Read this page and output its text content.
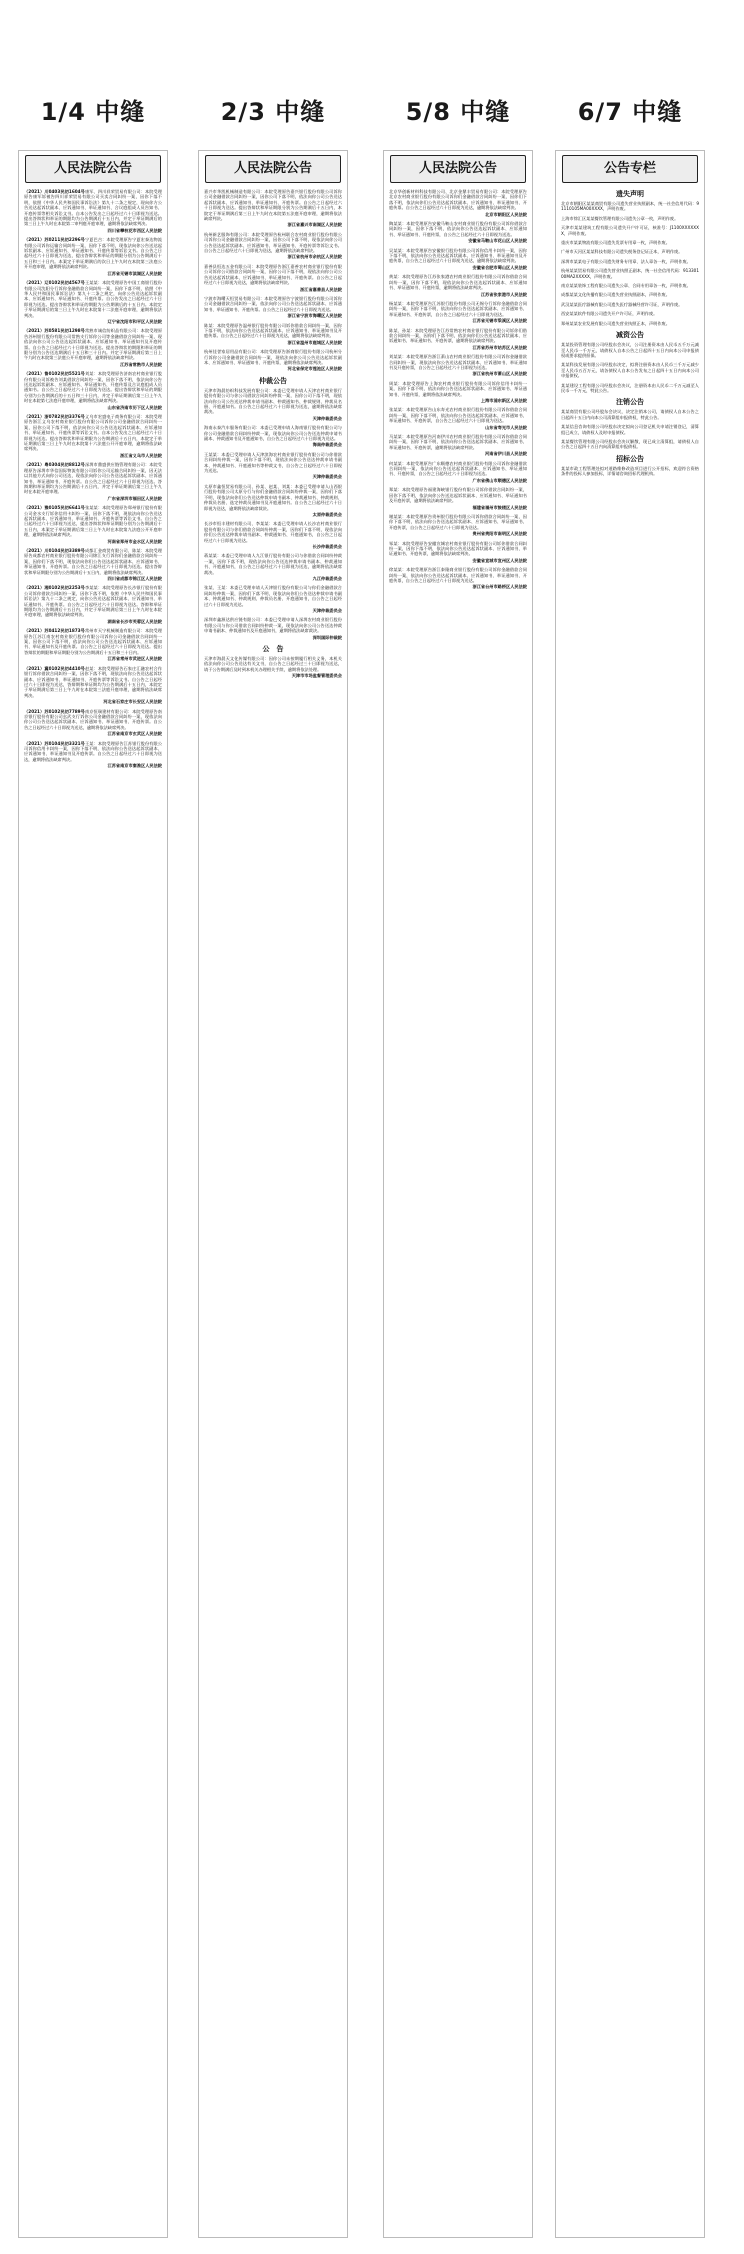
1/4 中缝	2/3 中缝	5/8 中缝	6/7 中缝
人民法院公告
（2021）川0403民初1604号康军、四川祥荣贸易有限公司：本院受理原告康军诉被告四川祥荣贸易有限公司买卖合同纠纷一案，因你下落不明，依照《中华人民共和国民事诉讼法》第九十二条之规定，现向你方公告送达起诉状副本、应诉通知书、举证通知书、合议庭组成人员告知书、开庭传票等相关诉讼文书。自本公告发出之日起经过六十日即视为送达。提出答辩状和举证的期限均为公告期满后十五日内，并定于举证期满后的第三日上午九时在本院第二审判庭开庭审理，逾期将依法缺席判决。
四川省攀枝花市西区人民法院
（2021）苏0211民初2296号宁夏巴吉：本院受理原告宁夏宏泰达物流有限公司诉你运输合同纠纷一案，因你下落不明，现依法向你公告送达起诉状副本、应诉通知书、举证通知书、开庭传票等诉讼文书。自公告之日起经过六十日即视为送达，提出答辩状和举证的期限分别为公告期满后十五日和三十日内。本案定于举证期满后的次日上午九时在本院第三法庭公开开庭审理，逾期将依法缺席判决。
江苏省无锡市滨湖区人民法院
（2021）辽0102民初4567号王某某：本院受理原告中国工商银行股份有限公司沈阳分行诉你金融借款合同纠纷一案，因你下落不明，依照《中华人民共和国民事诉讼法》第九十二条之规定，向你公告送达起诉状副本、应诉通知书、举证通知书、开庭传票。自公告发出之日起经过六十日即视为送达。提出答辩状和举证的期限为公告期满后的十五日内。本院定于举证期满后的第三日上午九时在本院第十二法庭开庭审理，逾期将依法判决。
辽宁省沈阳市和平区人民法院
（2021）苏0581民初1298号常熟市诚信纺织品有限公司：本院受理原告苏州银行股份有限公司常熟支行诉你公司等金融借款合同纠纷一案，现依法向你公司公告送达起诉状副本、应诉通知书、举证通知书及开庭传票。自公告之日起经过六十日即视为送达。提出答辩状的期限和举证的期限分别为公告送达期满后十五日和三十日内。并定于举证期满后第三日上午九时在本院第三法庭公开开庭审理，逾期将依法缺席判决。
江苏省常熟市人民法院
（2021）鲁0102民初5521号刘某：本院受理原告济南农村商业银行股份有限公司诉被告刘某借款合同纠纷一案，因你下落不明，依法向你公告送达起诉状副本、应诉通知书、举证通知书、开庭传票及合议庭组成人员通知书。自公告之日起经过六十日即视为送达。提出答辩状和举证的期限分别为公告期满后的十五日和三十日内，并定于举证期满后第三日上午九时在本院第七法庭开庭审理，逾期将依法缺席判决。
山东省济南市历下区人民法院
（2021）浙0782民初3376号义乌市宏盛电子商务有限公司：本院受理原告浙江义乌农村商业银行股份有限公司诉你公司金融借款合同纠纷一案，因你公司下落不明，依法向你公司公告送达起诉状副本、应诉通知书、举证通知书、开庭传票等诉讼文书。自本公告发出之日起经过六十日即视为送达。提出答辩状和举证期限为公告期满后十五日内，本院定于举证期满后第三日上午九时在本院第十六法庭公开开庭审理，逾期将依法缺席判决。
浙江省义乌市人民法院
（2021）粤0304民初8812号深圳市鼎盛供应链管理有限公司：本院受理原告深圳市华信国际物流有限公司诉你公司运输合同纠纷一案，因无法以其他方式向你公司送达，现依法向你公司公告送达起诉状副本、应诉通知书、举证通知书、开庭传票。自公告之日起经过六十日即视为送达。答辩期和举证期均为公告期满后十五日内，并定于举证期满后第三日上午九时在本院开庭审理。
广东省深圳市福田区人民法院
（2021）豫0105民初6641号张某某：本院受理原告郑州银行股份有限公司金水支行诉你信用卡纠纷一案，因你下落不明，现依法向你公告送达起诉状副本、应诉通知书、举证通知书、开庭传票等诉讼文书。自公告之日起经过六十日即视为送达，提出答辩状和举证期限分别为公告期满后十五日内，本案定于举证期满后第三日上午九时在本院第九法庭公开开庭审理，逾期将依法缺席判决。
河南省郑州市金水区人民法院
（2021）川0104民初3389号成都汇金商贸有限公司、陈某：本院受理原告成都农村商业银行股份有限公司锦江支行诉你们金融借款合同纠纷一案，因你们下落不明，现依法向你们公告送达起诉状副本、应诉通知书、举证通知书、开庭传票。自公告之日起经过六十日即视为送达。提出答辩状和举证期限分别为公告期满后十五日内，逾期将依法缺席判决。
四川省成都市锦江区人民法院
（2021）湘0102民初2253号李某某：本院受理原告长沙银行股份有限公司诉你借款合同纠纷一案，因你下落不明，依照《中华人民共和国民事诉讼法》第九十二条之规定，向你公告送达起诉状副本、应诉通知书、举证通知书、开庭传票。自公告之日起经过六十日即视为送达。答辩和举证期限均为公告期满后十五日内，并定于举证期满后第三日上午九时在本院开庭审理，逾期将依法缺席判决。
湖南省长沙市芙蓉区人民法院
（2021）苏0412民初1873号常州市天宁机械制造有限公司：本院受理原告江苏江南农村商业银行股份有限公司诉你公司金融借款合同纠纷一案，因你公司下落不明，依法向你公司公告送达起诉状副本、应诉通知书、举证通知书及开庭传票。自公告之日起经过六十日即视为送达。提出答辩状的期限和举证期限分别为公告期满后十五日和三十日内。
江苏省常州市武进区人民法院
（2021）冀0102民初4410号赵某：本院受理原告石家庄汇融农村合作银行诉你借款合同纠纷一案，因你下落不明，现依法向你公告送达起诉状副本、应诉通知书、举证通知书、开庭传票等诉讼文书。自公告之日起经过六十日即视为送达，答辩期和举证期均为公告期满后十五日内，本院定于举证期满后第三日上午九时在本院第三法庭开庭审理，逾期将依法缺席判决。
河北省石家庄市长安区人民法院
（2021）苏0102民初7789号南京恒瑞建材有限公司：本院受理原告南京银行股份有限公司玄武支行诉你公司金融借款合同纠纷一案，现依法向你公司公告送达起诉状副本、应诉通知书、举证通知书、开庭传票。自公告之日起经过六十日即视为送达，逾期将依法缺席判决。
江苏省南京市玄武区人民法院
（2021）苏0104民初3321号王某：本院受理原告江苏银行股份有限公司诉你信用卡纠纷一案，因你下落不明，依法向你公告送达起诉状副本、应诉通知书、举证通知书及开庭传票。自公告之日起经过六十日即视为送达，逾期将依法缺席判决。
江苏省南京市秦淮区人民法院
人民法院公告
嘉兴市华凯机械制造有限公司：本院受理原告嘉兴银行股份有限公司诉你公司金融借款合同纠纷一案，因你公司下落不明，依法向你公司公告送达起诉状副本、应诉通知书、举证通知书、开庭传票。自公告之日起经过六十日即视为送达。提出答辩状和举证期限分别为公告期满后十五日内，本院定于举证期满后第三日上午九时在本院第五法庭开庭审理，逾期将依法缺席判决。
浙江省嘉兴市南湖区人民法院
杭州新艺服饰有限公司：本院受理原告杭州联合农村商业银行股份有限公司诉你公司金融借款合同纠纷一案，因你公司下落不明，现依法向你公司公告送达起诉状副本、应诉通知书、举证通知书、开庭传票等诉讼文书。自公告之日起经过六十日即视为送达，逾期将依法缺席判决。
浙江省杭州市余杭区人民法院
嘉善县恒达五金有限公司：本院受理原告浙江嘉善农村商业银行股份有限公司诉你公司借款合同纠纷一案，因你公司下落不明，现依法向你公司公告送达起诉状副本、应诉通知书、举证通知书、开庭传票。自公告之日起经过六十日即视为送达，逾期将依法缺席判决。
浙江省嘉善县人民法院
宁波市海曙天恒贸易有限公司：本院受理原告宁波银行股份有限公司诉你公司金融借款合同纠纷一案，依法向你公司公告送达起诉状副本、应诉通知书、举证通知书、开庭传票。自公告之日起经过六十日即视为送达。
浙江省宁波市海曙区人民法院
陈某：本院受理原告温州银行股份有限公司诉你借款合同纠纷一案，因你下落不明，依法向你公告送达起诉状副本、应诉通知书、举证通知书及开庭传票。自公告之日起经过六十日即视为送达，逾期将依法缺席判决。
浙江省温州市鹿城区人民法院
杭州佳誉家居用品有限公司：本院受理原告浙商银行股份有限公司杭州分行诉你公司金融借款合同纠纷一案，现依法向你公司公告送达起诉状副本、应诉通知书、举证通知书、开庭传票，逾期将依法缺席判决。
河北省保定市莲池区人民法院
仲裁公告
天津市海晨纺织科技发展有限公司：本委已受理申请人天津农村商业银行股份有限公司与你公司借款合同纠纷仲裁一案，因你公司下落不明，现依法向你公司公告送达仲裁申请书副本、仲裁通知书、仲裁规则、仲裁员名册、开庭通知书。自公告之日起经过六十日即视为送达，逾期将依法缺席裁决。
天津仲裁委员会
海南永泰汽车服务有限公司：本委已受理申请人海南银行股份有限公司与你公司金融借款合同纠纷仲裁一案，现依法向你公司公告送达仲裁申请书副本、仲裁通知书及开庭通知书，自公告之日起经过六十日即视为送达。
海南仲裁委员会
王某某：本委已受理申请人天津滨海农村商业银行股份有限公司与你借款合同纠纷仲裁一案，因你下落不明，现依法向你公告送达仲裁申请书副本、仲裁通知书、开庭通知书等仲裁文书，自公告之日起经过六十日即视为送达。
天津仲裁委员会
太原市鑫恒贸易有限公司、孙某、赵某、刘某：本委已受理申请人山西银行股份有限公司太原分行与你们金融借款合同纠纷仲裁一案，因你们下落不明，现依法向你们公告送达仲裁申请书副本、仲裁通知书、仲裁规则、仲裁员名册、选定仲裁员通知书及开庭通知书。自公告之日起经过六十日即视为送达，逾期将依法缺席裁决。
太原仲裁委员会
长沙市恒丰建材有限公司、李某某：本委已受理申请人长沙农村商业银行股份有限公司与你们借款合同纠纷仲裁一案，因你们下落不明，现依法向你们公告送达仲裁申请书副本、仲裁通知书、开庭通知书，自公告之日起经过六十日即视为送达。
长沙仲裁委员会
蒋某某：本委已受理申请人九江银行股份有限公司与你借款合同纠纷仲裁一案，因你下落不明，现依法向你公告送达仲裁申请书副本、仲裁通知书、开庭通知书，自公告之日起经过六十日即视为送达，逾期将依法缺席裁决。
九江仲裁委员会
张某、王某：本委已受理申请人天津银行股份有限公司与你们金融借款合同纠纷仲裁一案，因你们下落不明，现依法向你们公告送达仲裁申请书副本、仲裁通知书、仲裁规则、仲裁员名册、开庭通知书，自公告之日起经过六十日即视为送达。
天津仲裁委员会
深圳市鑫源达供应链有限公司：本委已受理申请人深圳农村商业银行股份有限公司与你公司借款合同纠纷仲裁一案，现依法向你公司公告送达仲裁申请书副本、仲裁通知书及开庭通知书，逾期将依法缺席裁决。
深圳国际仲裁院
公　告
天津市海晨天文化传媒有限公司：因你公司未按期履行相关义务，本机关依法向你公司公告送达有关文书，自公告之日起经过三十日即视为送达，请于公告期满后及时到本机关办理相关手续，逾期将依法处理。
天津市市场监督管理委员会
人民法院公告
北京华创新材料科技有限公司、北京金鼎丰贸易有限公司：本院受理原告北京农村商业银行股份有限公司诉你们金融借款合同纠纷一案，因你们下落不明，依法向你们公告送达起诉状副本、应诉通知书、举证通知书、开庭传票。自公告之日起经过六十日即视为送达，逾期将依法缺席判决。
北京市朝阳区人民法院
陶某某：本院受理原告安徽马鞍山农村商业银行股份有限公司诉你借款合同纠纷一案，因你下落不明，依法向你公告送达起诉状副本、应诉通知书、举证通知书、开庭传票，自公告之日起经过六十日即视为送达。
安徽省马鞍山市花山区人民法院
吴某某：本院受理原告安徽银行股份有限公司诉你信用卡纠纷一案，因你下落不明，依法向你公告送达起诉状副本、应诉通知书、举证通知书及开庭传票，自公告之日起经过六十日即视为送达，逾期将依法缺席判决。
安徽省合肥市蜀山区人民法院
黄某：本院受理原告江苏张家港农村商业银行股份有限公司诉你借款合同纠纷一案，因你下落不明，现依法向你公告送达起诉状副本、应诉通知书、举证通知书、开庭传票，逾期将依法缺席判决。
江苏省张家港市人民法院
杨某某：本院受理原告江苏银行股份有限公司无锡分行诉你金融借款合同纠纷一案，因你下落不明，依法向你公告送达起诉状副本、应诉通知书、举证通知书、开庭传票，自公告之日起经过六十日即视为送达。
江苏省无锡市梁溪区人民法院
陈某、孙某：本院受理原告江苏常熟农村商业银行股份有限公司诉你们借款合同纠纷一案，因你们下落不明，依法向你们公告送达起诉状副本、应诉通知书、举证通知书、开庭传票，逾期将依法缺席判决。
江苏省苏州市姑苏区人民法院
刘某某：本院受理原告浙江萧山农村商业银行股份有限公司诉你金融借款合同纠纷一案，现依法向你公告送达起诉状副本、应诉通知书、举证通知书及开庭传票，自公告之日起经过六十日即视为送达。
浙江省杭州市萧山区人民法院
周某：本院受理原告上海农村商业银行股份有限公司诉你信用卡纠纷一案，因你下落不明，依法向你公告送达起诉状副本、应诉通知书、举证通知书、开庭传票，逾期将依法缺席判决。
上海市浦东新区人民法院
张某某：本院受理原告山东寿光农村商业银行股份有限公司诉你借款合同纠纷一案，因你下落不明，依法向你公告送达起诉状副本、应诉通知书、举证通知书、开庭传票，自公告之日起经过六十日即视为送达。
山东省寿光市人民法院
马某某：本院受理原告河南伊川农村商业银行股份有限公司诉你借款合同纠纷一案，因你下落不明，依法向你公告送达起诉状副本、应诉通知书、举证通知书、开庭传票，逾期将依法缺席判决。
河南省伊川县人民法院
何某某：本院受理原告广东顺德农村商业银行股份有限公司诉你金融借款合同纠纷一案，依法向你公告送达起诉状副本、应诉通知书、举证通知书、开庭传票，自公告之日起经过六十日即视为送达。
广东省佛山市顺德区人民法院
郑某：本院受理原告福建海峡银行股份有限公司诉你借款合同纠纷一案，因你下落不明，依法向你公告送达起诉状副本、应诉通知书、举证通知书及开庭传票，逾期将依法缺席判决。
福建省福州市鼓楼区人民法院
谢某某：本院受理原告贵州银行股份有限公司诉你借款合同纠纷一案，因你下落不明，依法向你公告送达起诉状副本、应诉通知书、举证通知书、开庭传票，自公告之日起经过六十日即视为送达。
贵州省贵阳市南明区人民法院
邹某：本院受理原告安徽宣城农村商业银行股份有限公司诉你借款合同纠纷一案，因你下落不明，依法向你公告送达起诉状副本、应诉通知书、举证通知书、开庭传票，逾期将依法缺席判决。
安徽省宣城市宣州区人民法院
徐某某：本院受理原告浙江泰隆商业银行股份有限公司诉你金融借款合同纠纷一案，依法向你公告送达起诉状副本、应诉通知书、举证通知书、开庭传票，自公告之日起经过六十日即视为送达。
浙江省台州市路桥区人民法院
公告专栏
遗失声明
北京市朝阳区某某商贸有限公司遗失营业执照副本，统一社会信用代码：91110105MA00XXXX，声明作废。
上海市徐汇区某某餐饮管理有限公司遗失公章一枚，声明作废。
天津市某某建筑工程有限公司遗失开户许可证，核准号：J1100XXXXXXX，声明作废。
重庆市某某物流有限公司遗失发票专用章一枚，声明作废。
广州市天河区某某科技有限公司遗失税务登记证正本，声明作废。
深圳市某某电子有限公司遗失财务专用章、法人章各一枚，声明作废。
杭州某某贸易有限公司遗失营业执照正副本，统一社会信用代码：91330100MA2XXXXX，声明作废。
南京某某装饰工程有限公司遗失公章、合同专用章各一枚，声明作废。
成都某某文化传播有限公司遗失营业执照副本，声明作废。
武汉某某医疗器械有限公司遗失医疗器械经营许可证，声明作废。
西安某某软件有限公司遗失开户许可证，声明作废。
郑州某某农业发展有限公司遗失营业执照正本，声明作废。
减资公告
某某投资管理有限公司经股东会决议，公司注册资本由人民币五千万元减至人民币一千万元，请债权人自本公告之日起四十五日内向本公司申报债权或要求提供担保。
某某科技发展有限公司经股东决定，拟将注册资本由人民币三千万元减少至人民币五百万元，请各债权人自本公告发布之日起四十五日内向本公司申报债权。
某某建设工程有限公司经股东会决议，注册资本由人民币二千万元减至人民币一千万元，特此公告。
注销公告
某某商贸有限公司经股东会决议，决定注销本公司，请债权人自本公告之日起四十五日内向本公司清算组申报债权，特此公告。
某某信息咨询有限公司经股东决定拟向公司登记机关申请注销登记，清算组已成立，请债权人及时申报债权。
某某餐饮管理有限公司经股东会决议解散，现已成立清算组，请债权人自公告之日起四十五日内向清算组申报债权。
招标公告
某某市政工程管理处拟对道路维修改造项目进行公开招标，欢迎符合资格条件的投标人参加投标，详情请咨询招标代理机构。
